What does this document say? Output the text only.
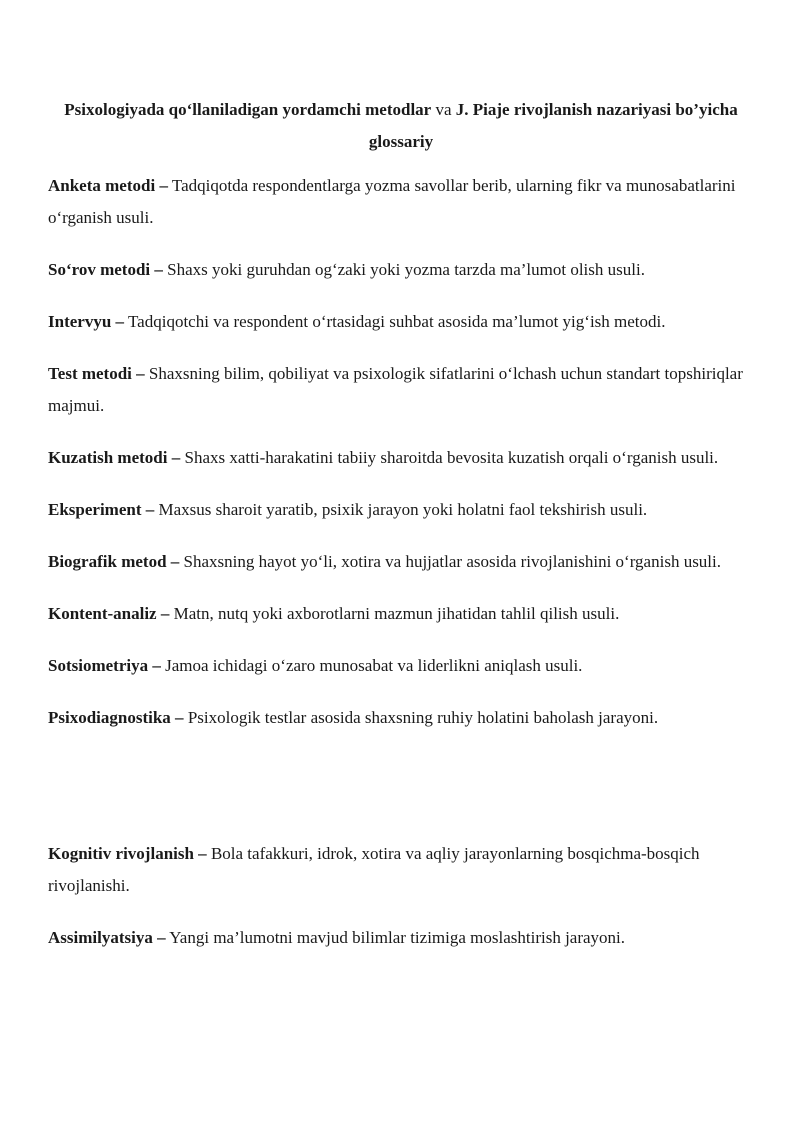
Psixologiyada qo‘llaniladigan yordamchi metodlar va J. Piaje rivojlanish nazariyasi bo’yicha glossariy

Anketa metodi – Tadqiqotda respondentlarga yozma savollar berib, ularning fikr va munosabatlarini o‘rganish usuli.

So‘rov metodi – Shaxs yoki guruhdan og‘zaki yoki yozma tarzda ma’lumot olish usuli.

Intervyu – Tadqiqotchi va respondent o‘rtasidagi suhbat asosida ma’lumot yig‘ish metodi.

Test metodi – Shaxsning bilim, qobiliyat va psixologik sifatlarini o‘lchash uchun standart topshiriqlar majmui.

Kuzatish metodi – Shaxs xatti-harakatini tabiiy sharoitda bevosita kuzatish orqali o‘rganish usuli.

Eksperiment – Maxsus sharoit yaratib, psixik jarayon yoki holatni faol tekshirish usuli.

Biografik metod – Shaxsning hayot yo‘li, xotira va hujjatlar asosida rivojlanishini o‘rganish usuli.

Kontent-analiz – Matn, nutq yoki axborotlarni mazmun jihatidan tahlil qilish usuli.

Sotsiometriya – Jamoa ichidagi o‘zaro munosabat va liderlikni aniqlash usuli.

Psixodiagnostika – Psixologik testlar asosida shaxsning ruhiy holatini baholash jarayoni.

Kognitiv rivojlanish – Bola tafakkuri, idrok, xotira va aqliy jarayonlarning bosqichma-bosqich rivojlanishi.

Assimilyatsiya – Yangi ma’lumotni mavjud bilimlar tizimiga moslashtirish jarayoni.
